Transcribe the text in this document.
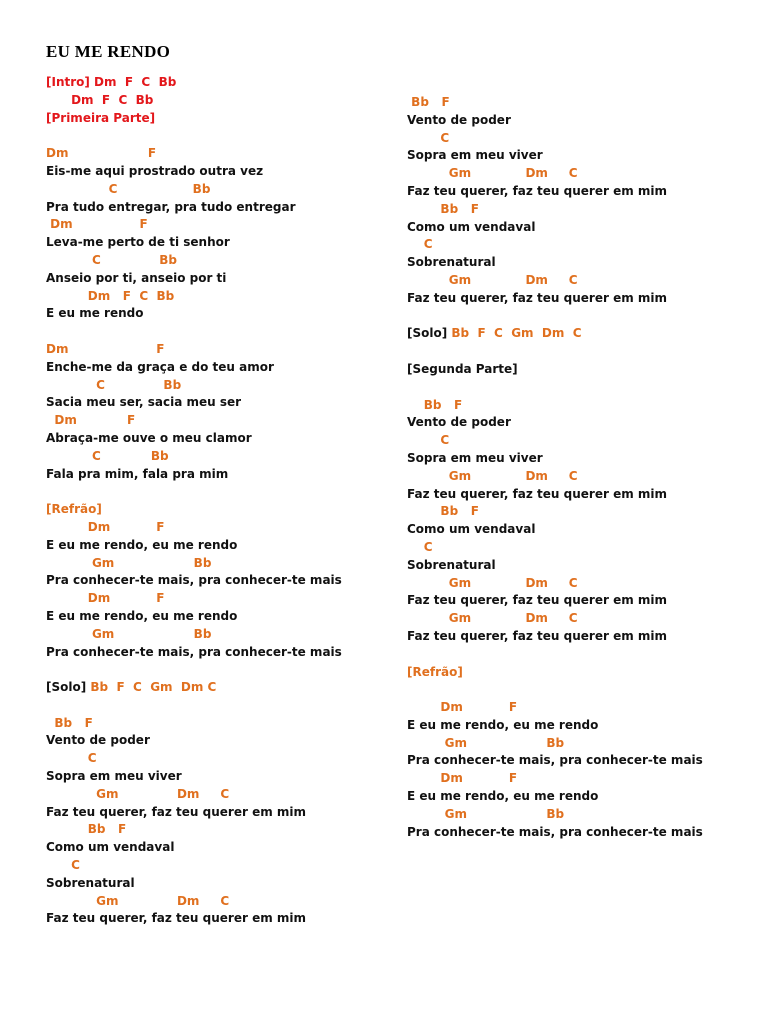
EU ME RENDO
[Intro] Dm  F  C  Bb
Dm  F  C  Bb
[Primeira Parte]
Dm                   F
Eis-me aqui prostrado outra vez
C                  Bb
Pra tudo entregar, pra tudo entregar
Dm                F
Leva-me perto de ti senhor
C              Bb
Anseio por ti, anseio por ti
Dm   F  C  Bb
E eu me rendo
Dm                     F
Enche-me da graça e do teu amor
C              Bb
Sacia meu ser, sacia meu ser
Dm            F
Abraça-me ouve o meu clamor
C            Bb
Fala pra mim, fala pra mim
[Refrão]
Dm           F
E eu me rendo, eu me rendo
Gm                   Bb
Pra conhecer-te mais, pra conhecer-te mais
Dm           F
E eu me rendo, eu me rendo
Gm                   Bb
Pra conhecer-te mais, pra conhecer-te mais
[Solo] Bb  F  C  Gm  Dm C
Bb   F
Vento de poder
C
Sopra em meu viver
Gm              Dm     C
Faz teu querer, faz teu querer em mim
Bb   F
Como um vendaval
C
Sobrenatural
Gm              Dm     C
Faz teu querer, faz teu querer em mim
Bb   F
Vento de poder
C
Sopra em meu viver
Gm             Dm     C
Faz teu querer, faz teu querer em mim
Bb   F
Como um vendaval
C
Sobrenatural
Gm             Dm     C
Faz teu querer, faz teu querer em mim
[Solo] Bb  F  C  Gm  Dm  C
[Segunda Parte]
Bb   F
Vento de poder
C
Sopra em meu viver
Gm             Dm     C
Faz teu querer, faz teu querer em mim
Bb   F
Como um vendaval
C
Sobrenatural
Gm             Dm     C
Faz teu querer, faz teu querer em mim
Gm             Dm     C
Faz teu querer, faz teu querer em mim
[Refrão]
Dm           F
E eu me rendo, eu me rendo
Gm                   Bb
Pra conhecer-te mais, pra conhecer-te mais
Dm           F
E eu me rendo, eu me rendo
Gm                   Bb
Pra conhecer-te mais, pra conhecer-te mais
